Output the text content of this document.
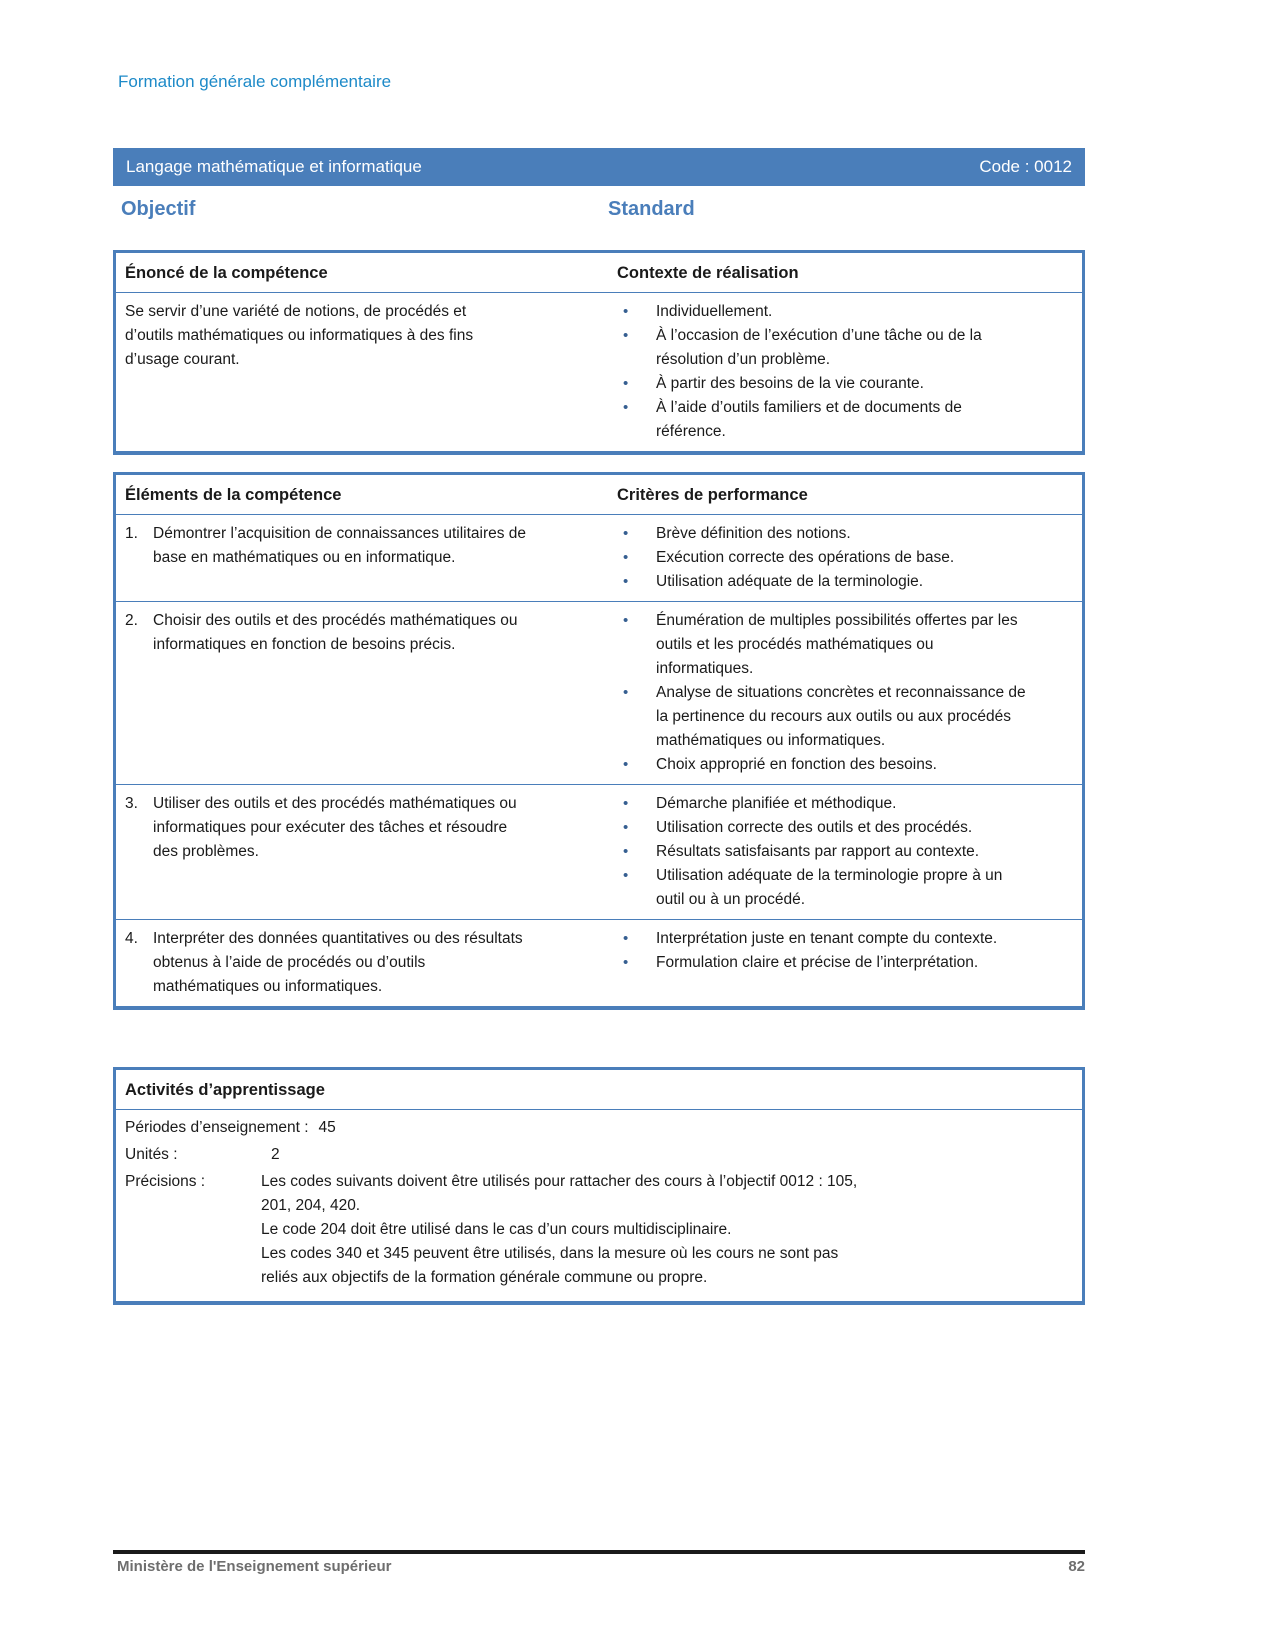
Formation générale complémentaire
Langage mathématique et informatique	Code : 0012
Objectif	Standard
Énoncé de la compétence	Contexte de réalisation
Se servir d’une variété de notions, de procédés et d’outils mathématiques ou informatiques à des fins d’usage courant.
•	Individuellement.
•	À l’occasion de l’exécution d’une tâche ou de la résolution d’un problème.
•	À partir des besoins de la vie courante.
•	À l’aide d’outils familiers et de documents de référence.
Éléments de la compétence	Critères de performance
1. Démontrer l’acquisition de connaissances utilitaires de base en mathématiques ou en informatique.
•	Brève définition des notions.
•	Exécution correcte des opérations de base.
•	Utilisation adéquate de la terminologie.
2. Choisir des outils et des procédés mathématiques ou informatiques en fonction de besoins précis.
•	Énumération de multiples possibilités offertes par les outils et les procédés mathématiques ou informatiques.
•	Analyse de situations concrètes et reconnaissance de la pertinence du recours aux outils ou aux procédés mathématiques ou informatiques.
•	Choix approprié en fonction des besoins.
3. Utiliser des outils et des procédés mathématiques ou informatiques pour exécuter des tâches et résoudre des problèmes.
•	Démarche planifiée et méthodique.
•	Utilisation correcte des outils et des procédés.
•	Résultats satisfaisants par rapport au contexte.
•	Utilisation adéquate de la terminologie propre à un outil ou à un procédé.
4. Interpréter des données quantitatives ou des résultats obtenus à l’aide de procédés ou d’outils mathématiques ou informatiques.
•	Interprétation juste en tenant compte du contexte.
•	Formulation claire et précise de l’interprétation.
Activités d’apprentissage
Périodes d’enseignement : 45
Unités :	2
Précisions :	Les codes suivants doivent être utilisés pour rattacher des cours à l’objectif 0012 : 105,
201, 204, 420.
Le code 204 doit être utilisé dans le cas d’un cours multidisciplinaire.
Les codes 340 et 345 peuvent être utilisés, dans la mesure où les cours ne sont pas
reliés aux objectifs de la formation générale commune ou propre.
Ministère de l'Enseignement supérieur	82
